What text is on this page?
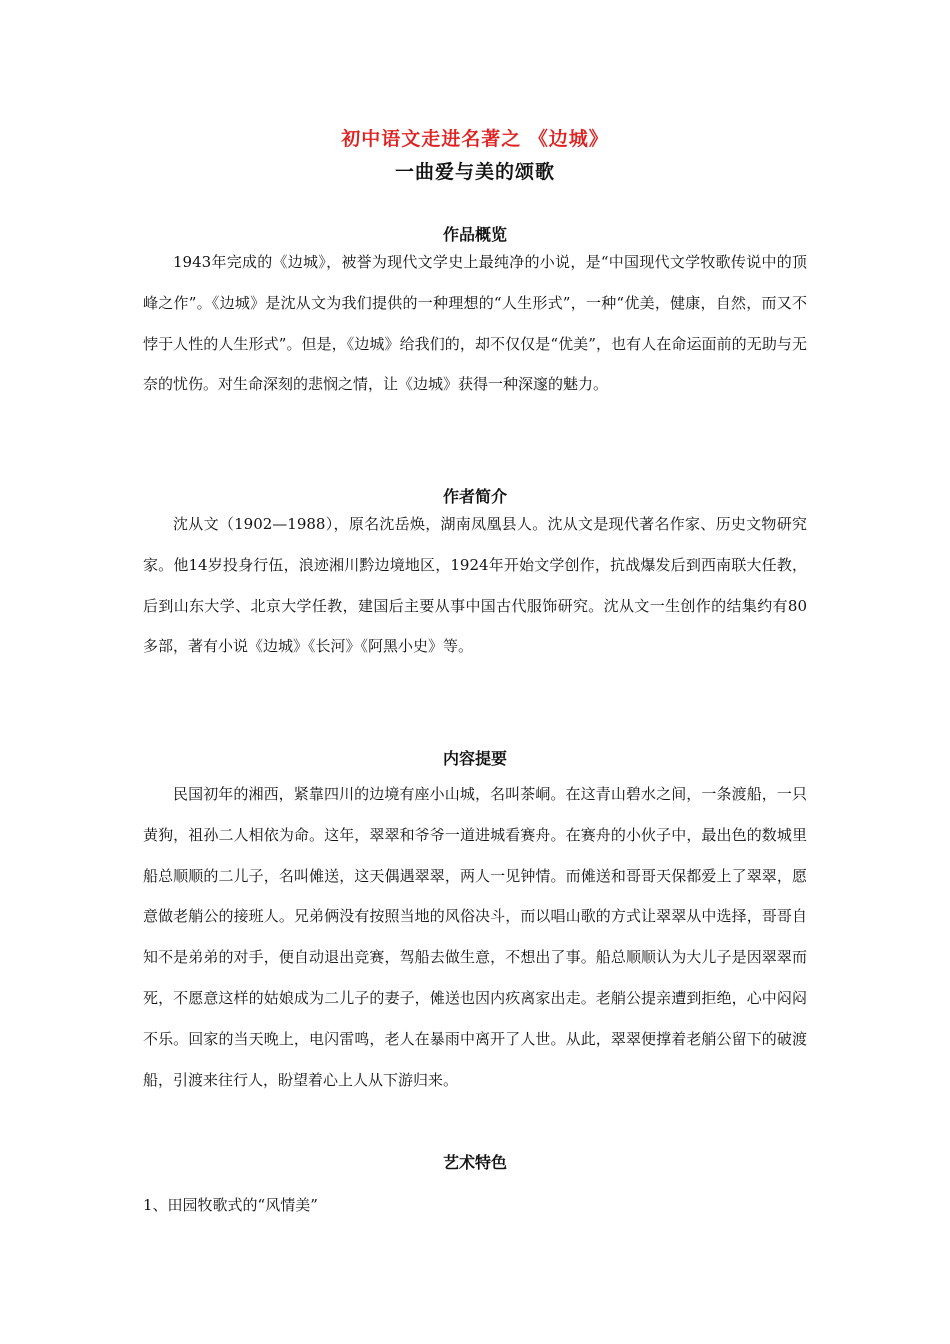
初中语文走进名著之 《边城》
一曲爱与美的颂歌
作品概览

1943年完成的《边城》，被誉为现代文学史上最纯净的小说，是“中国现代文学牧歌传说中的顶峰之作”。《边城》是沈从文为我们提供的一种理想的“人生形式”，一种“优美，健康，自然，而又不悖于人性的人生形式”。但是，《边城》给我们的，却不仅仅是“优美”，也有人在命运面前的无助与无奈的忧伤。对生命深刻的悲悯之情，让《边城》获得一种深邃的魅力。

作者简介

沈从文（1902—1988），原名沈岳焕，湖南凤凰县人。沈从文是现代著名作家、历史文物研究家。他14岁投身行伍，浪迹湘川黔边境地区，1924年开始文学创作，抗战爆发后到西南联大任教，后到山东大学、北京大学任教，建国后主要从事中国古代服饰研究。沈从文一生创作的结集约有80多部，著有小说《边城》《长河》《阿黑小史》等。

内容提要

民国初年的湘西，紧靠四川的边境有座小山城，名叫茶峒。在这青山碧水之间，一条渡船，一只黄狗，祖孙二人相依为命。这年，翠翠和爷爷一道进城看赛舟。在赛舟的小伙子中，最出色的数城里船总顺顺的二儿子，名叫傩送，这天偶遇翠翠，两人一见钟情。而傩送和哥哥天保都爱上了翠翠，愿意做老艄公的接班人。兄弟俩没有按照当地的风俗决斗，而以唱山歌的方式让翠翠从中选择，哥哥自知不是弟弟的对手，便自动退出竞赛，驾船去做生意，不想出了事。船总顺顺认为大儿子是因翠翠而死，不愿意这样的姑娘成为二儿子的妻子，傩送也因内疚离家出走。老艄公提亲遭到拒绝，心中闷闷不乐。回家的当天晚上，电闪雷鸣，老人在暴雨中离开了人世。从此，翠翠便撑着老艄公留下的破渡船，引渡来往行人，盼望着心上人从下游归来。

艺术特色

1、田园牧歌式的“风情美”
